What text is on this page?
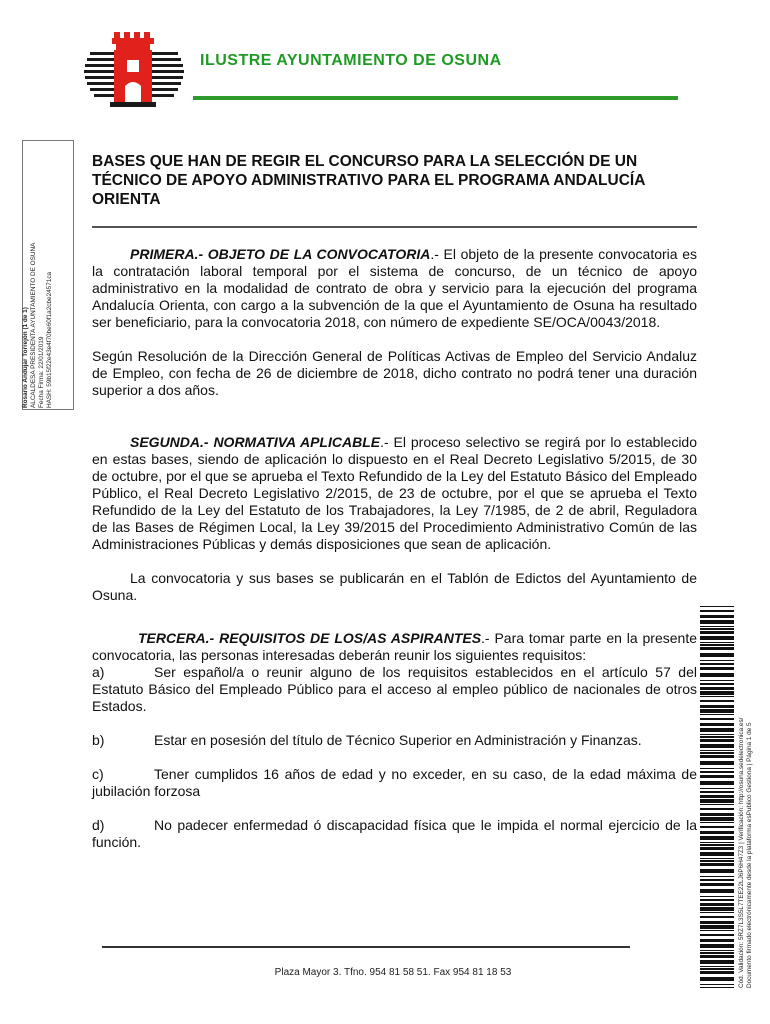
ILUSTRE AYUNTAMIENTO DE OSUNA
Rosario Andújar Torrejón (1 de 1) ALCALDESA PRESIDENTA AYUNTAMIENTO DE OSUNA Fecha Firma: 22/01/2019 HASH: 59b15f22e43e4f70be60f1a2cbe24571ca
BASES QUE HAN DE REGIR EL CONCURSO PARA LA SELECCIÓN DE UN TÉCNICO DE APOYO ADMINISTRATIVO PARA EL PROGRAMA ANDALUCÍA ORIENTA

PRIMERA.- OBJETO DE LA CONVOCATORIA.- El objeto de la presente convocatoria es la contratación laboral temporal por el sistema de concurso, de un técnico de apoyo administrativo en la modalidad de contrato de obra y servicio para la ejecución del programa Andalucía Orienta, con cargo a la subvención de la que el Ayuntamiento de Osuna ha resultado ser beneficiario, para la convocatoria 2018, con número de expediente SE/OCA/0043/2018.

Según Resolución de la Dirección General de Políticas Activas de Empleo del Servicio Andaluz de Empleo, con fecha de 26 de diciembre de 2018, dicho contrato no podrá tener una duración superior a dos años.

SEGUNDA.- NORMATIVA APLICABLE.- El proceso selectivo se regirá por lo establecido en estas bases, siendo de aplicación lo dispuesto en el Real Decreto Legislativo 5/2015, de 30 de octubre, por el que se aprueba el Texto Refundido de la Ley del Estatuto Básico del Empleado Público, el Real Decreto Legislativo 2/2015, de 23 de octubre, por el que se aprueba el Texto Refundido de la Ley del Estatuto de los Trabajadores, la Ley 7/1985, de 2 de abril, Reguladora de las Bases de Régimen Local, la Ley 39/2015 del Procedimiento Administrativo Común de las Administraciones Públicas y demás disposiciones que sean de aplicación.

La convocatoria y sus bases se publicarán en el Tablón de Edictos del Ayuntamiento de Osuna.

TERCERA.- REQUISITOS DE LOS/AS ASPIRANTES.- Para tomar parte en la presente convocatoria, las personas interesadas deberán reunir los siguientes requisitos:

a)	Ser español/a o reunir alguno de los requisitos establecidos en el artículo 57 del Estatuto Básico del Empleado Público para el acceso al empleo público de nacionales de otros Estados.

b)	Estar en posesión del título de Técnico Superior en Administración y Finanzas.

c)	Tener cumplidos 16 años de edad y no exceder, en su caso, de la edad máxima de jubilación forzosa

d)	No padecer enfermedad ó discapacidad física que le impida el normal ejercicio de la función.

Plaza Mayor 3. Tfno. 954 81 58 51. Fax 954 81 18 53	Cód. Validación: 5RZ7L3S5L7TEE22LJ6P6H47Z3 | Verificación: http://osuna.sedelectronica.es/ Documento firmado electrónicamente desde la plataforma esPublico Gestiona | Página 1 de 5
